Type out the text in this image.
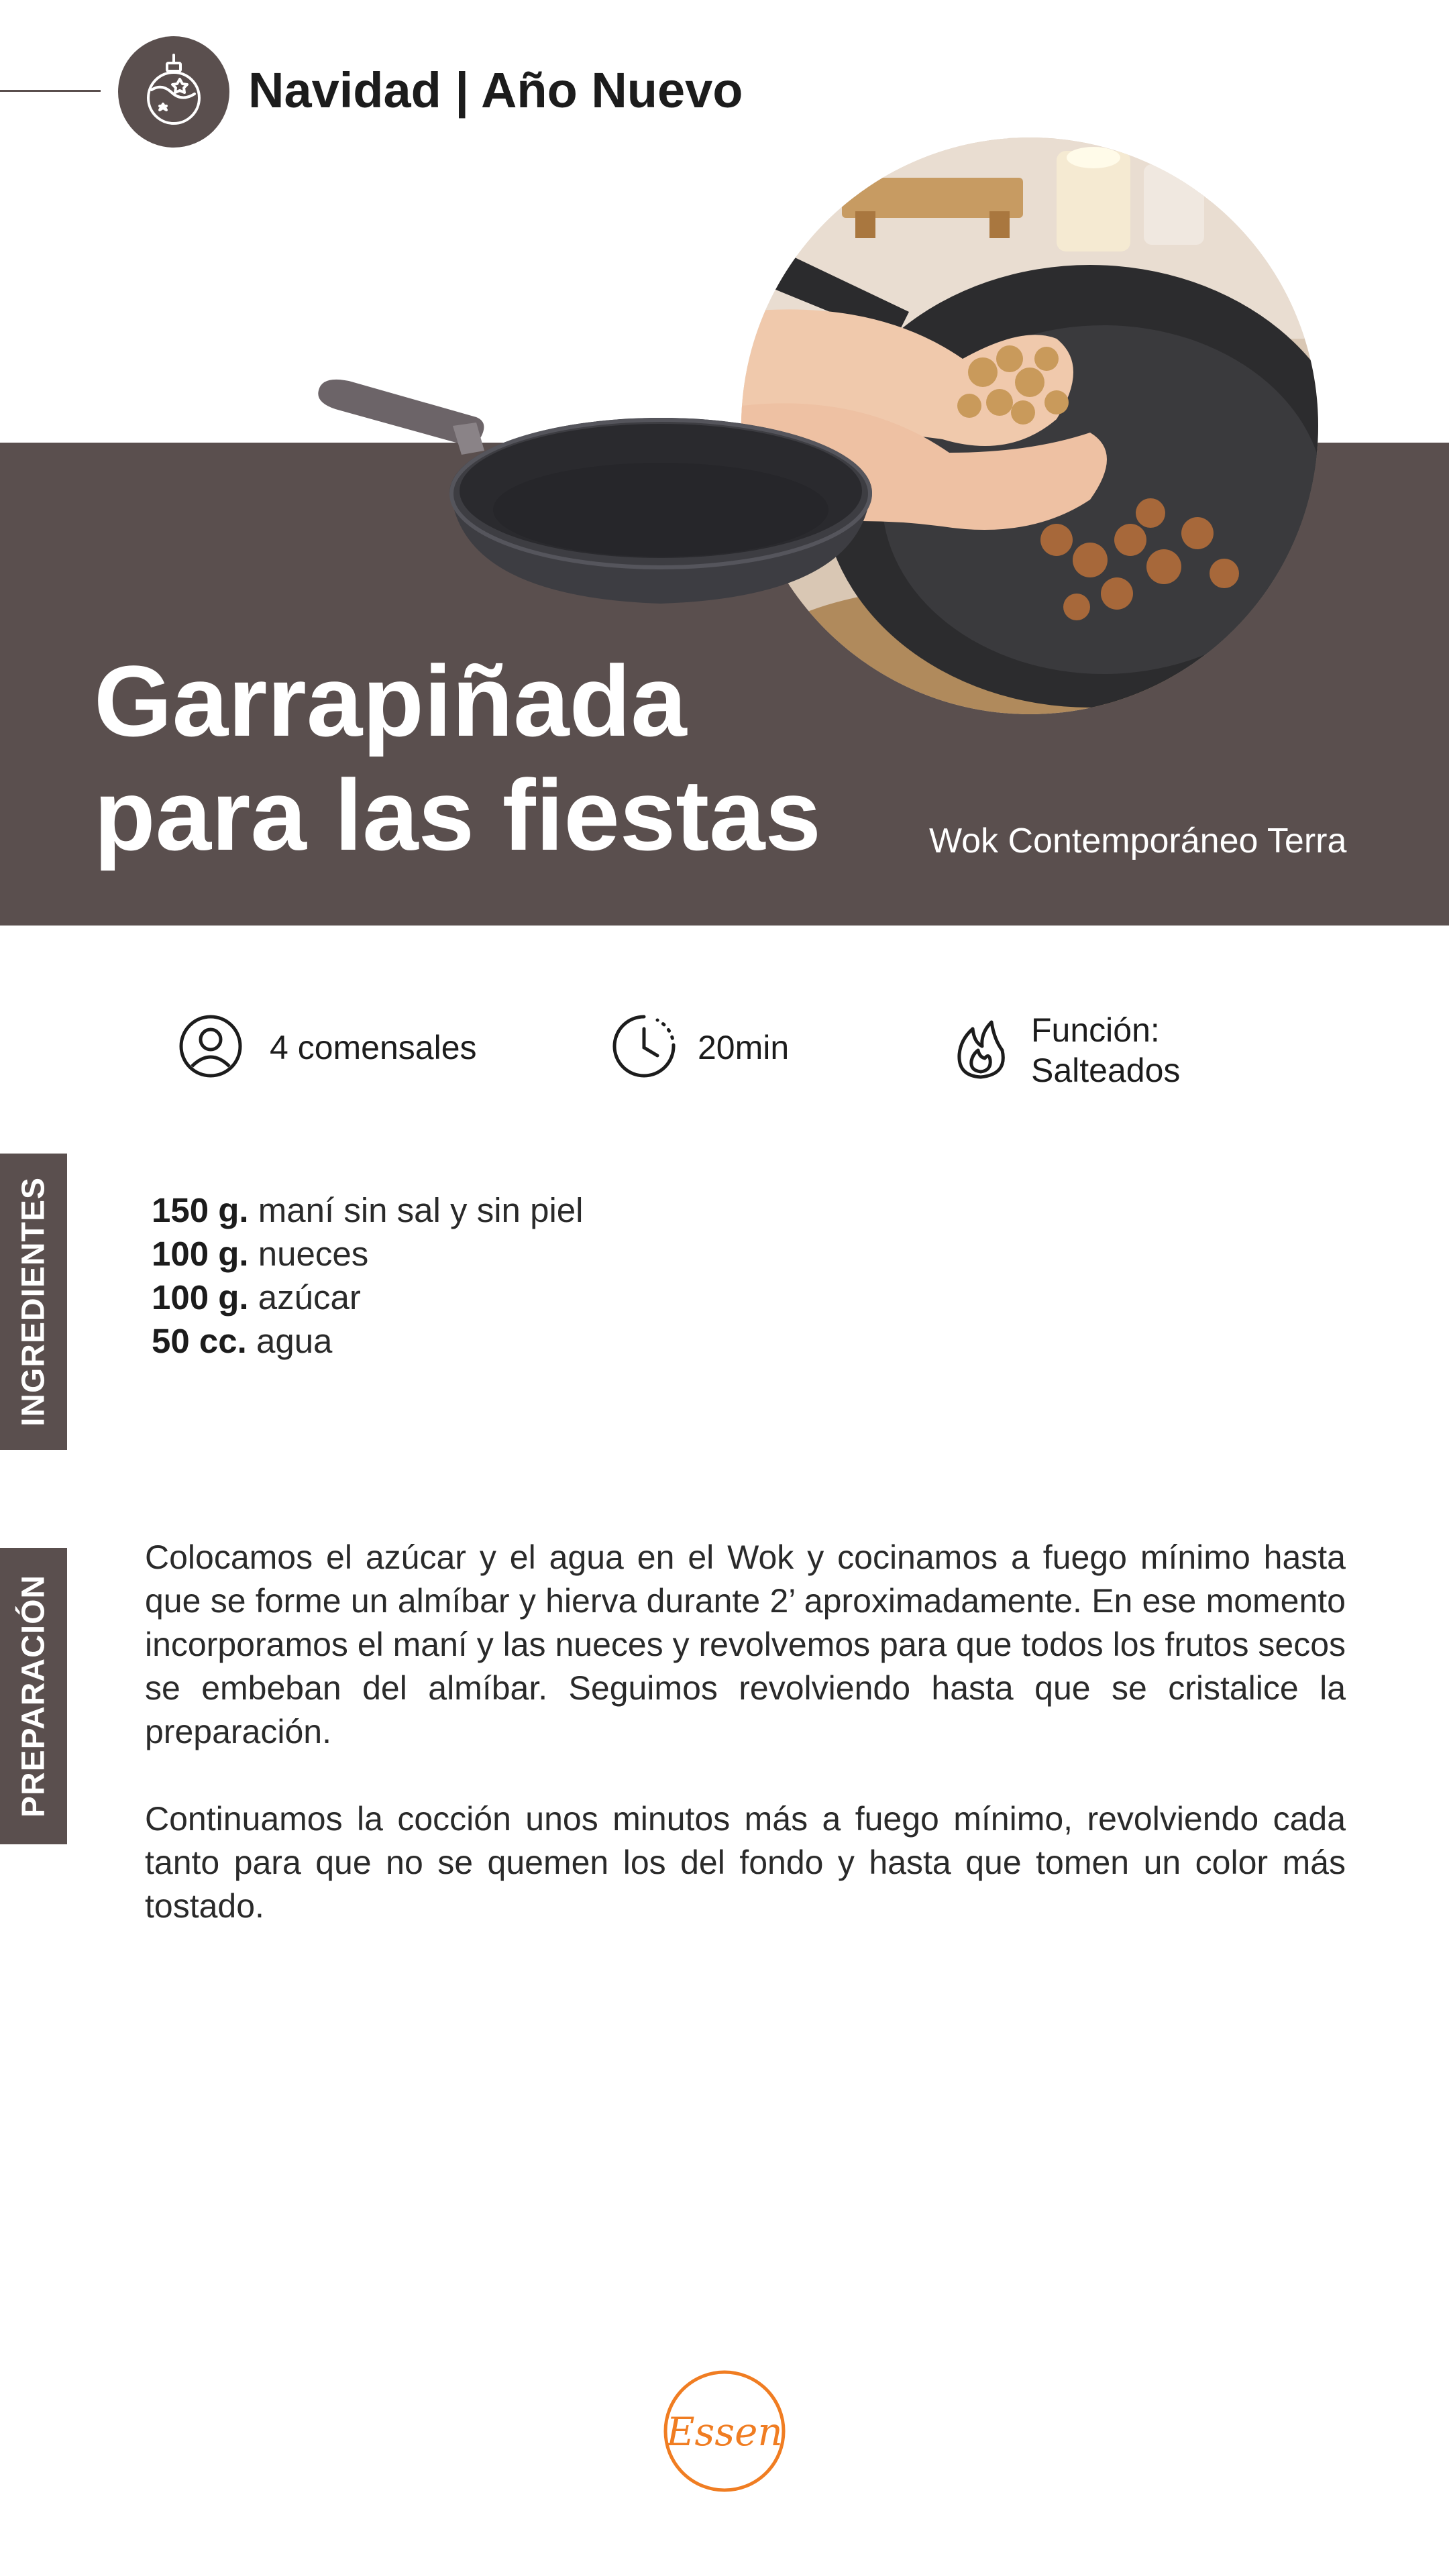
Navidad | Año Nuevo
Garrapiñada
para las fiestas	Wok Contemporáneo Terra
4 comensales	20min	Función:
Salteados
INGREDIENTES	150 g. maní sin sal y sin piel
100 g. nueces
100 g. azúcar
50 cc. agua
PREPARACIÓN

Colocamos el azúcar y el agua en el Wok y cocinamos a fuego mínimo hasta que se forme un almíbar y hierva durante 2’ aproximadamente. En ese momento incorporamos el maní y las nueces y revolvemos para que todos los frutos secos se embeban del almíbar. Seguimos revolviendo hasta que se cristalice la preparación.

Continuamos la cocción unos minutos más a fuego mínimo, revolviendo cada tanto para que no se quemen los del fondo y hasta que tomen un color más tostado.

Essen
